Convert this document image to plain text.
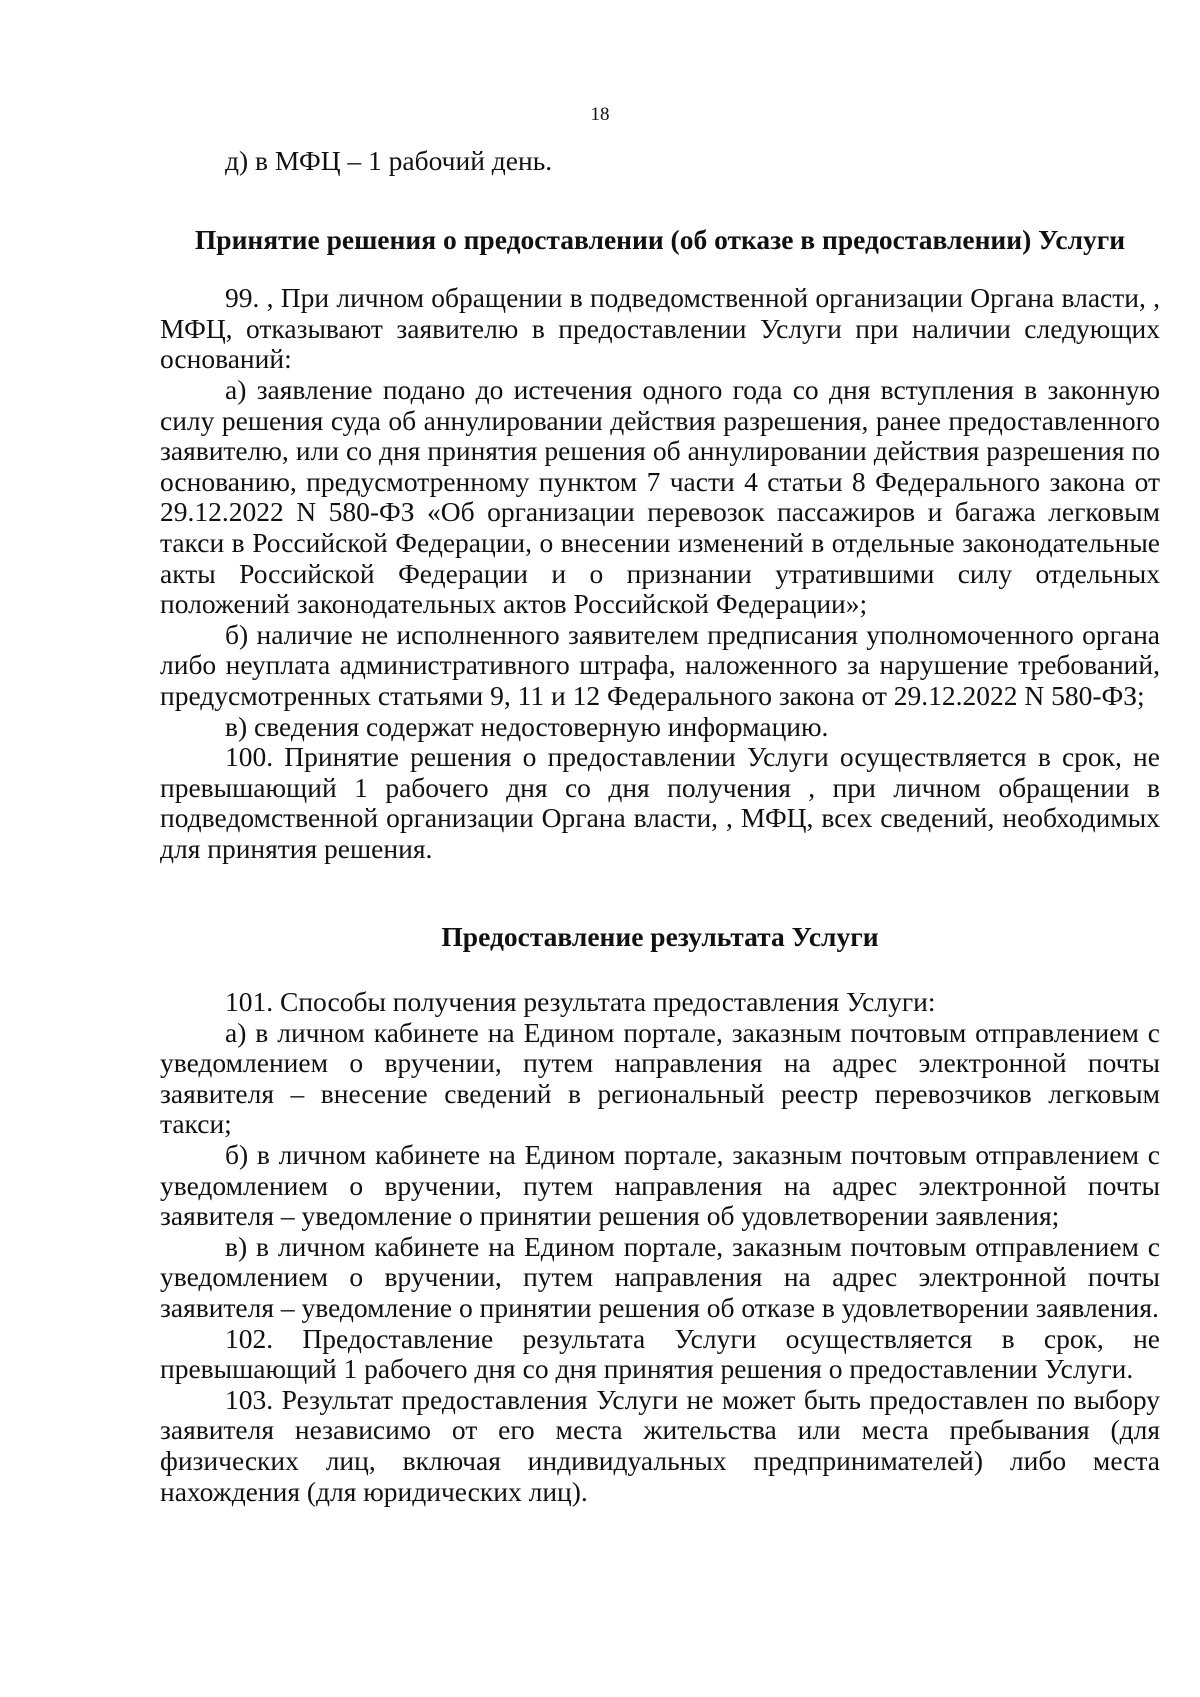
18

д) в МФЦ – 1 рабочий день.

Принятие решения о предоставлении (об отказе в предоставлении) Услуги

99. , При личном обращении в подведомственной организации Органа власти, , МФЦ, отказывают заявителю в предоставлении Услуги при наличии следующих оснований:

а) заявление подано до истечения одного года со дня вступления в законную силу решения суда об аннулировании действия разрешения, ранее предоставленного заявителю, или со дня принятия решения об аннулировании действия разрешения по основанию, предусмотренному пунктом 7 части 4 статьи 8 Федерального закона от 29.12.2022 N 580-ФЗ «Об организации перевозок пассажиров и багажа легковым такси в Российской Федерации, о внесении изменений в отдельные законодательные акты Российской Федерации и о признании утратившими силу отдельных положений законодательных актов Российской Федерации»;

б) наличие не исполненного заявителем предписания уполномоченного органа либо неуплата административного штрафа, наложенного за нарушение требований, предусмотренных статьями 9, 11 и 12 Федерального закона от 29.12.2022 N 580-ФЗ;

в) сведения содержат недостоверную информацию.

100. Принятие решения о предоставлении Услуги осуществляется в срок, не превышающий 1 рабочего дня со дня получения , при личном обращении в подведомственной организации Органа власти, , МФЦ, всех сведений, необходимых для принятия решения.

Предоставление результата Услуги

101. Способы получения результата предоставления Услуги:

а) в личном кабинете на Едином портале, заказным почтовым отправлением с уведомлением о вручении, путем направления на адрес электронной почты заявителя – внесение сведений в региональный реестр перевозчиков легковым такси;

б) в личном кабинете на Едином портале, заказным почтовым отправлением с уведомлением о вручении, путем направления на адрес электронной почты заявителя – уведомление о принятии решения об удовлетворении заявления;

в) в личном кабинете на Едином портале, заказным почтовым отправлением с уведомлением о вручении, путем направления на адрес электронной почты заявителя – уведомление о принятии решения об отказе в удовлетворении заявления.

102. Предоставление результата Услуги осуществляется в срок, не превышающий 1 рабочего дня со дня принятия решения о предоставлении Услуги.

103. Результат предоставления Услуги не может быть предоставлен по выбору заявителя независимо от его места жительства или места пребывания (для физических лиц, включая индивидуальных предпринимателей) либо места нахождения (для юридических лиц).
